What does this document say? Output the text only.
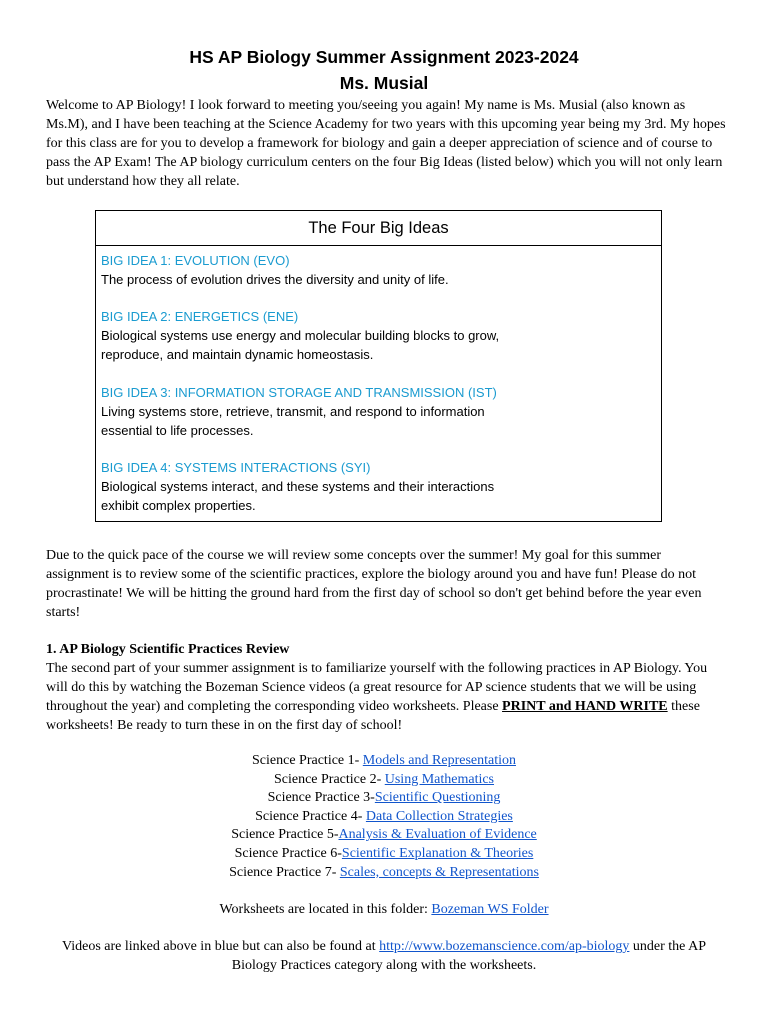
HS AP Biology Summer Assignment 2023-2024
Ms. Musial

Welcome to AP Biology! I look forward to meeting you/seeing you again! My name is Ms. Musial (also known as Ms.M), and I have been teaching at the Science Academy for two years with this upcoming year being my 3rd. My hopes for this class are for you to develop a framework for biology and gain a deeper appreciation of science and of course to pass the AP Exam! The AP biology curriculum centers on the four Big Ideas (listed below) which you will not only learn but understand how they all relate.

The Four Big Ideas
BIG IDEA 1: EVOLUTION (EVO)
The process of evolution drives the diversity and unity of life.
BIG IDEA 2: ENERGETICS (ENE)
Biological systems use energy and molecular building blocks to grow,
reproduce, and maintain dynamic homeostasis.
BIG IDEA 3: INFORMATION STORAGE AND TRANSMISSION (IST)
Living systems store, retrieve, transmit, and respond to information
essential to life processes.
BIG IDEA 4: SYSTEMS INTERACTIONS (SYI)
Biological systems interact, and these systems and their interactions
exhibit complex properties.

Due to the quick pace of the course we will review some concepts over the summer! My goal for this summer assignment is to review some of the scientific practices, explore the biology around you and have fun! Please do not procrastinate! We will be hitting the ground hard from the first day of school so don't get behind before the year even starts!

1. AP Biology Scientific Practices Review
The second part of your summer assignment is to familiarize yourself with the following practices in AP Biology. You will do this by watching the Bozeman Science videos (a great resource for AP science students that we will be using throughout the year) and completing the corresponding video worksheets. Please PRINT and HAND WRITE these worksheets! Be ready to turn these in on the first day of school!
Science Practice 1- Models and Representation
Science Practice 2- Using Mathematics
Science Practice 3-Scientific Questioning
Science Practice 4- Data Collection Strategies
Science Practice 5-Analysis & Evaluation of Evidence
Science Practice 6-Scientific Explanation & Theories
Science Practice 7- Scales, concepts & Representations
Worksheets are located in this folder: Bozeman WS Folder

Videos are linked above in blue but can also be found at http://www.bozemanscience.com/ap-biology under the AP Biology Practices category along with the worksheets.
